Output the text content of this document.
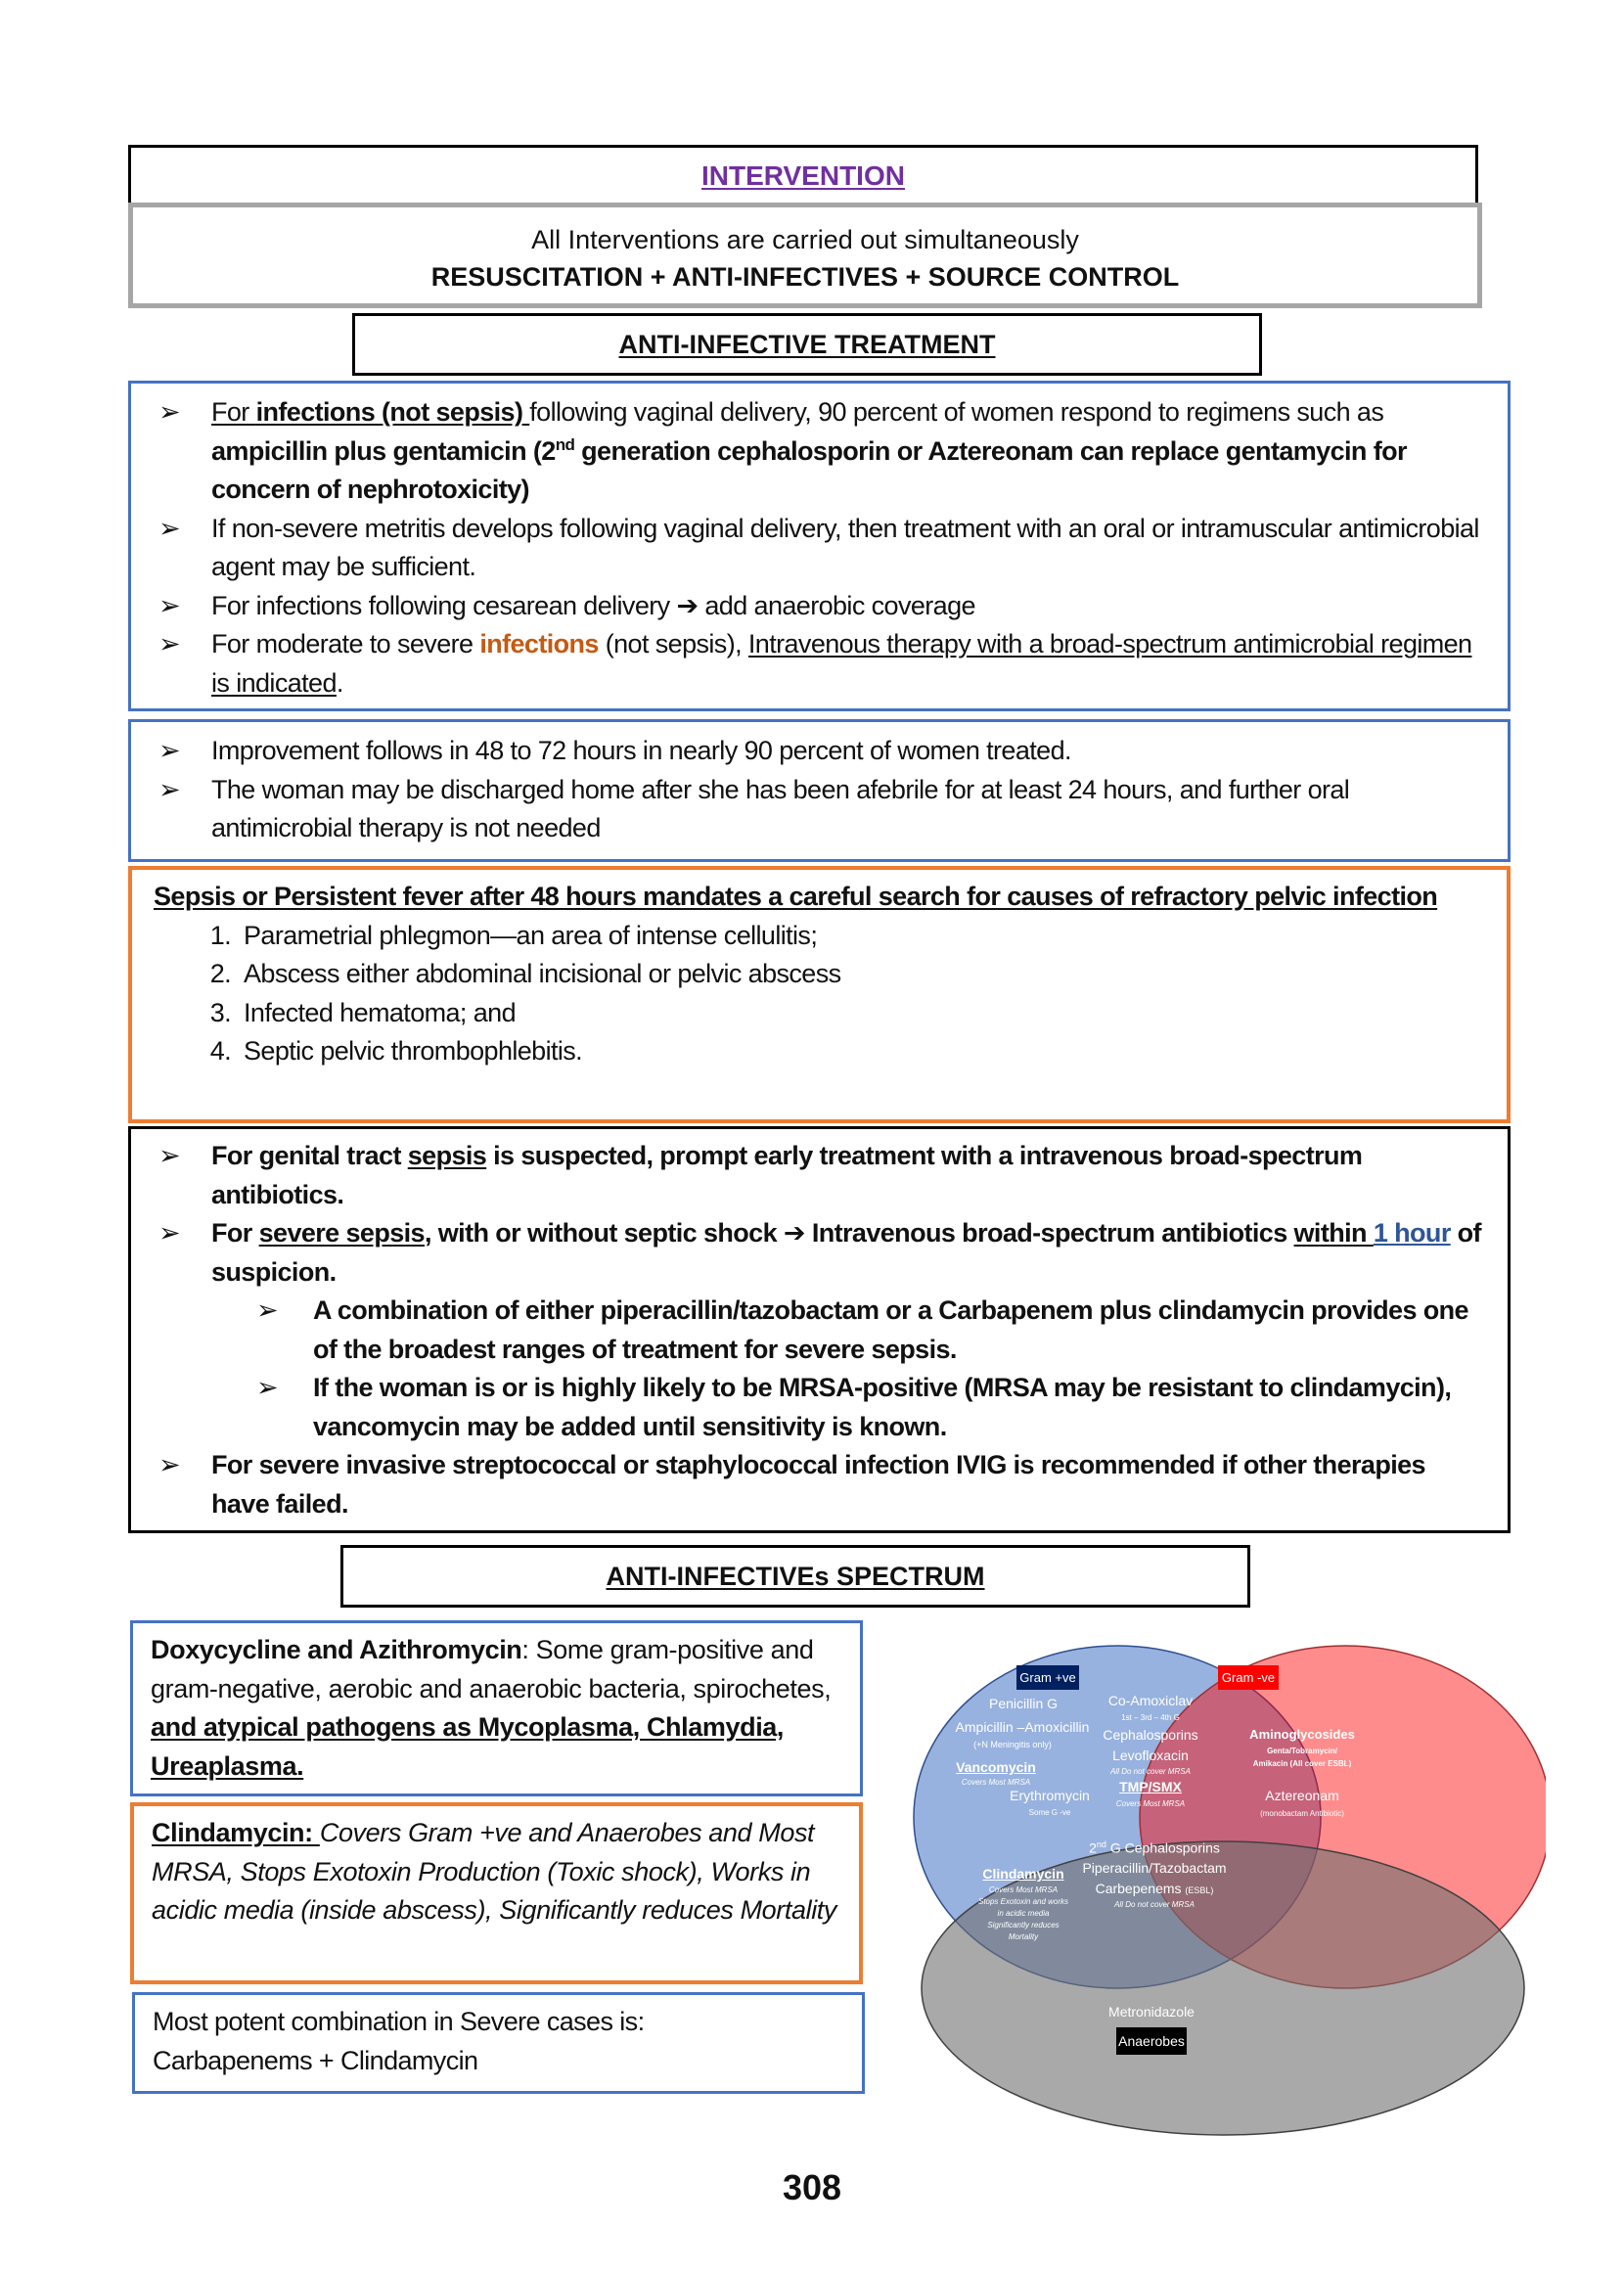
INTERVENTION
All Interventions are carried out simultaneously
RESUSCITATION + ANTI-INFECTIVES + SOURCE CONTROL
ANTI-INFECTIVE TREATMENT
➢ For infections (not sepsis) following vaginal delivery, 90 percent of women respond to regimens such as ampicillin plus gentamicin (2nd generation cephalosporin or Aztereonam can replace gentamycin for concern of nephrotoxicity)
➢ If non-severe metritis develops following vaginal delivery, then treatment with an oral or intramuscular antimicrobial agent may be sufficient.
➢ For infections following cesarean delivery ➔ add anaerobic coverage
➢ For moderate to severe infections (not sepsis), Intravenous therapy with a broad-spectrum antimicrobial regimen is indicated.
➢ Improvement follows in 48 to 72 hours in nearly 90 percent of women treated.
➢ The woman may be discharged home after she has been afebrile for at least 24 hours, and further oral antimicrobial therapy is not needed
Sepsis or Persistent fever after 48 hours mandates a careful search for causes of refractory pelvic infection
1. Parametrial phlegmon—an area of intense cellulitis;
2. Abscess either abdominal incisional or pelvic abscess
3. Infected hematoma; and
4. Septic pelvic thrombophlebitis.
➢ For genital tract sepsis is suspected, prompt early treatment with a intravenous broad-spectrum antibiotics.
➢ For severe sepsis, with or without septic shock ➔ Intravenous broad-spectrum antibiotics within 1 hour of suspicion.
➢ A combination of either piperacillin/tazobactam or a Carbapenem plus clindamycin provides one of the broadest ranges of treatment for severe sepsis.
➢ If the woman is or is highly likely to be MRSA-positive (MRSA may be resistant to clindamycin), vancomycin may be added until sensitivity is known.
➢ For severe invasive streptococcal or staphylococcal infection IVIG is recommended if other therapies have failed.
ANTI-INFECTIVEs SPECTRUM
Doxycycline and Azithromycin: Some gram-positive and gram-negative, aerobic and anaerobic bacteria, spirochetes, and atypical pathogens as Mycoplasma, Chlamydia, Ureaplasma.
Clindamycin: Covers Gram +ve and Anaerobes and Most MRSA, Stops Exotoxin Production (Toxic shock), Works in acidic media (inside abscess), Significantly reduces Mortality
Most potent combination in Severe cases is:
Carbapenems + Clindamycin
Gram +ve	Gram -ve
Anaerobes
Penicillin G
Ampicillin –Amoxicillin
(+N Meningitis only)
Vancomycin
Covers Most MRSA
Erythromycin
Some G -ve
Co-Amoxiclav
1st – 3rd – 4th G
Cephalosporins
Levofloxacin
All Do not cover MRSA
TMP/SMX
Covers Most MRSA
Aminoglycosides
Genta/Tobramycin/
Amikacin (All cover ESBL)
Aztereonam
(monobactam Antibiotic)
Clindamycin
Covers Most MRSA
Stops Exotoxin and works
in acidic media
Significantly reduces
Mortality
2nd G Cephalosporins
Piperacillin/Tazobactam
Carbepenems (ESBL)
All Do not cover MRSA
Metronidazole
308
